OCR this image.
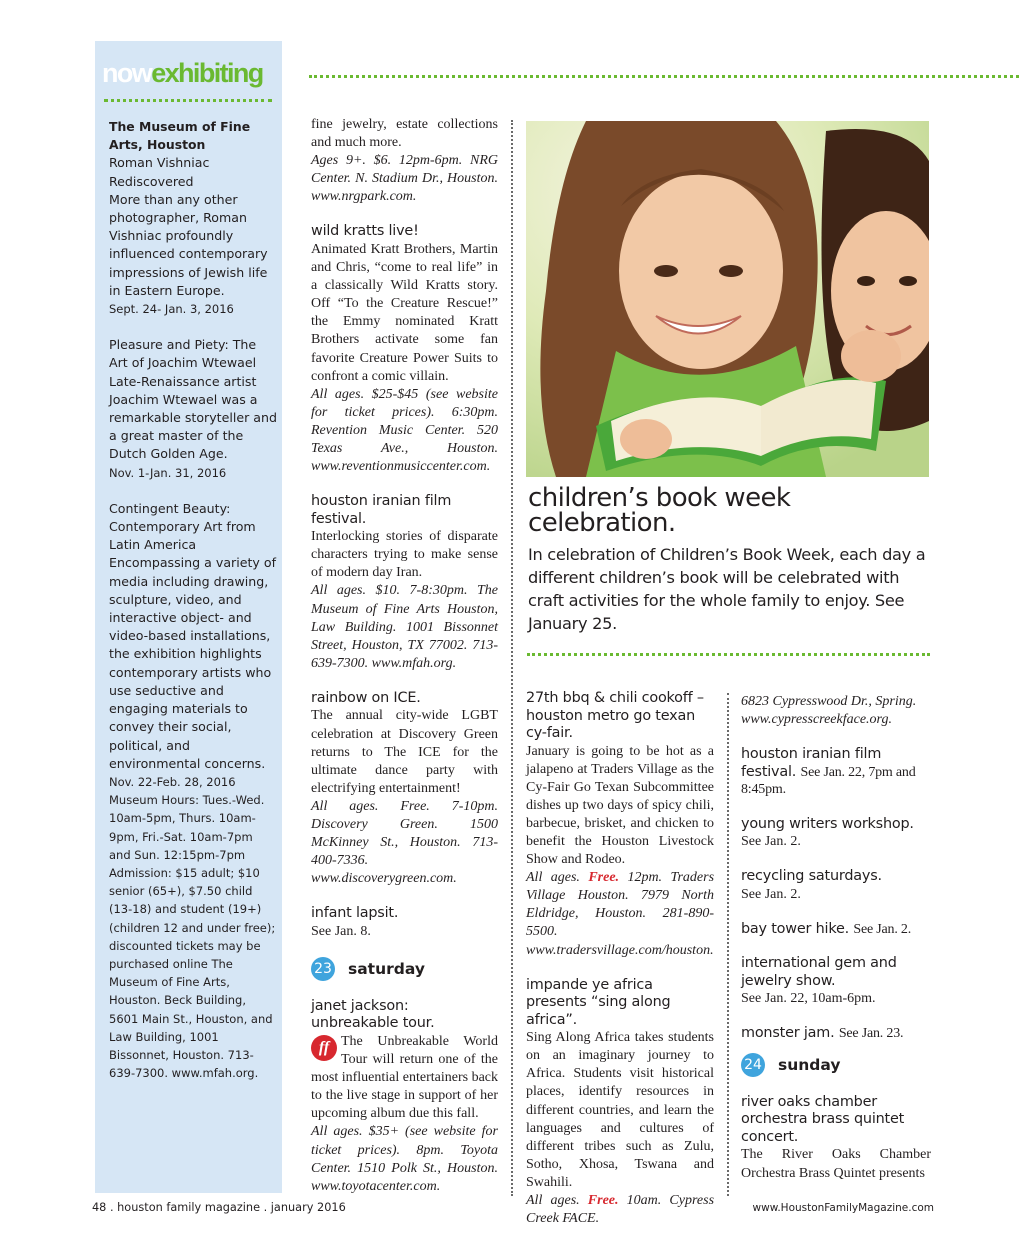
nowexhibiting
The Museum of Fine Arts, Houston
Roman Vishniac Rediscovered
More than any other photographer, Roman Vishniac profoundly influenced contemporary impressions of Jewish life in Eastern Europe.
Sept. 24- Jan. 3, 2016
Pleasure and Piety: The Art of Joachim Wtewael
Late-Renaissance artist Joachim Wtewael was a remarkable storyteller and a great master of the Dutch Golden Age.
Nov. 1-Jan. 31, 2016
Contingent Beauty: Contemporary Art from Latin America
Encompassing a variety of media including drawing, sculpture, video, and interactive object- and video-based installations, the exhibition highlights contemporary artists who use seductive and engaging materials to convey their social, political, and environmental concerns.
Nov. 22-Feb. 28, 2016
Museum Hours: Tues.-Wed. 10am-5pm, Thurs. 10am-9pm, Fri.-Sat. 10am-7pm and Sun. 12:15pm-7pm Admission: $15 adult; $10 senior (65+), $7.50 child (13-18) and student (19+) (children 12 and under free); discounted tickets may be purchased online The Museum of Fine Arts, Houston. Beck Building, 5601 Main St., Houston, and Law Building, 1001 Bissonnet, Houston. 713-639-7300. www.mfah.org.
fine jewelry, estate collections and much more.
Ages 9+. $6. 12pm-6pm. NRG Center. N. Stadium Dr., Houston. www.nrgpark.com.
wild kratts live!
Animated Kratt Brothers, Martin and Chris, “come to real life” in a classically Wild Kratts story. Off “To the Creature Rescue!” the Emmy nominated Kratt Brothers activate some fan favorite Creature Power Suits to confront a comic villain.
All ages. $25-$45 (see website for ticket prices). 6:30pm. Revention Music Center. 520 Texas Ave., Houston. www.reventionmusiccenter.com.
houston iranian film festival.
Interlocking stories of disparate characters trying to make sense of modern day Iran.
All ages. $10. 7-8:30pm. The Museum of Fine Arts Houston, Law Building. 1001 Bissonnet Street, Houston, TX 77002. 713-639-7300. www.mfah.org.
rainbow on ICE.
The annual city-wide LGBT celebration at Discovery Green returns to The ICE for the ultimate dance party with electrifying entertainment!
All ages. Free. 7-10pm. Discovery Green. 1500 McKinney St., Houston. 713-400-7336. www.discoverygreen.com.
infant lapsit.
See Jan. 8.
23 saturday
janet jackson: unbreakable tour.
ff The Unbreakable World Tour will return one of the most influential entertainers back to the live stage in support of her upcoming album due this fall.
All ages. $35+ (see website for ticket prices). 8pm. Toyota Center. 1510 Polk St., Houston. www.toyotacenter.com.
children’s book week celebration.
In celebration of Children’s Book Week, each day a different children’s book will be celebrated with craft activities for the whole family to enjoy. See January 25.
27th bbq & chili cookoff – houston metro go texan cy-fair.
January is going to be hot as a jalapeno at Traders Village as the Cy-Fair Go Texan Subcommittee dishes up two days of spicy chili, barbecue, brisket, and chicken to benefit the Houston Livestock Show and Rodeo.
All ages. Free. 12pm. Traders Village Houston. 7979 North Eldridge, Houston. 281-890-5500. www.tradersvillage.com/houston.
impande ye africa presents “sing along africa”.
Sing Along Africa takes students on an imaginary journey to Africa. Students visit historical places, identify resources in different countries, and learn the languages and cultures of different tribes such as Zulu, Sotho, Xhosa, Tswana and Swahili.
All ages. Free. 10am. Cypress Creek FACE.
6823 Cypresswood Dr., Spring. www.cypresscreekface.org.
houston iranian film festival. See Jan. 22, 7pm and 8:45pm.
young writers workshop.
See Jan. 2.
recycling saturdays.
See Jan. 2.
bay tower hike. See Jan. 2.
international gem and jewelry show.
See Jan. 22, 10am-6pm.
monster jam. See Jan. 23.
24 sunday
river oaks chamber orchestra brass quintet concert.
The River Oaks Chamber Orchestra Brass Quintet presents
48 . houston family magazine . january 2016	www.HoustonFamilyMagazine.com
